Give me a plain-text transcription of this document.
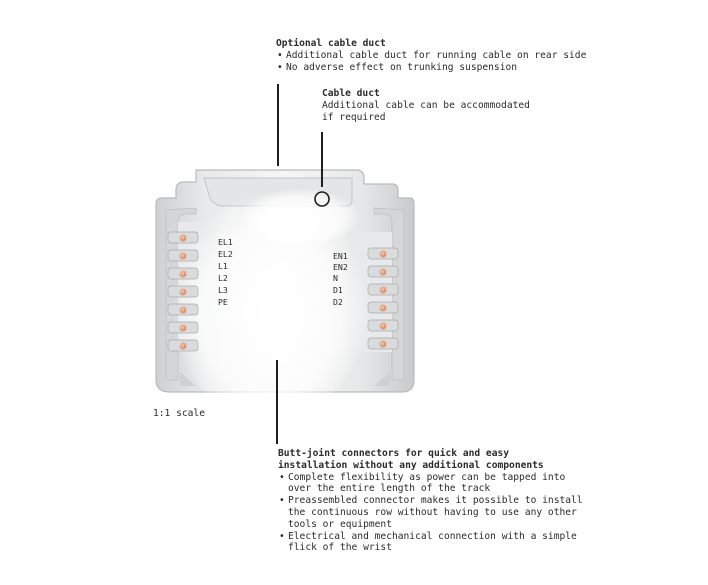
EL1
EL2
L1
L2
L3
PE
EN1
EN2
N
D1
D2
Optional cable duct
• Additional cable duct for running cable on rear side
• No adverse effect on trunking suspension
Cable duct
Additional cable can be accommodated
if required
1:1 scale
Butt-joint connectors for quick and easy
installation without any additional components
• Complete flexibility as power can be tapped into
over the entire length of the track
• Preassembled connector makes it possible to install
the continuous row without having to use any other
tools or equipment
• Electrical and mechanical connection with a simple
flick of the wrist
